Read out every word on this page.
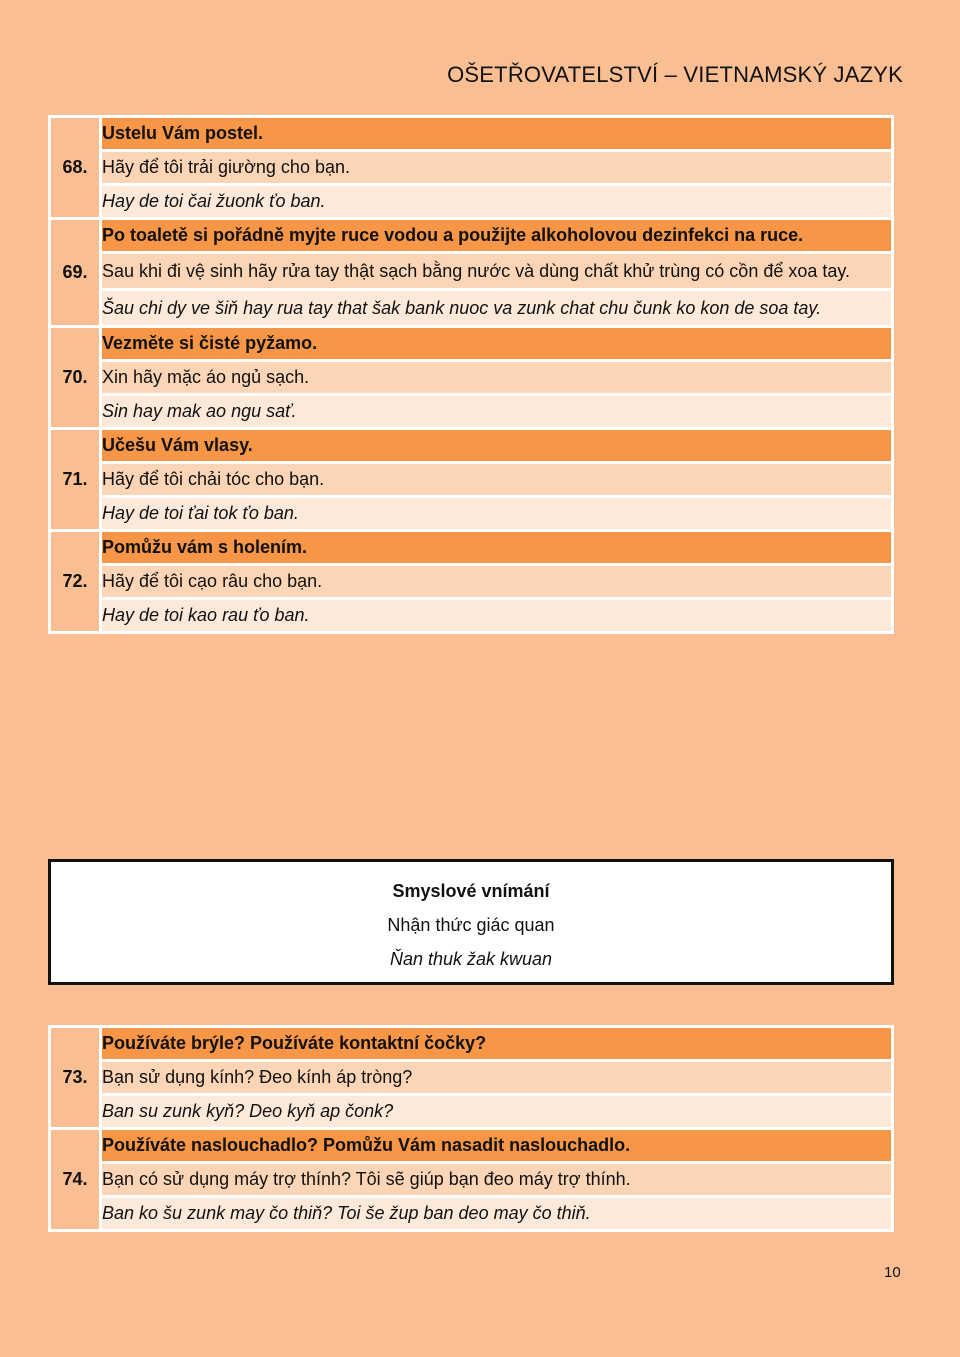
OŠETŘOVATELSTVÍ – VIETNAMSKÝ JAZYK
68.	Ustelu Vám postel.
	Hãy để tôi trải giường cho bạn.
	Hay de toi čai žuonk ťo ban.
69.	Po toaletě si pořádně myjte ruce vodou a použijte alkoholovou dezinfekci na ruce.
	Sau khi đi vệ sinh hãy rửa tay thật sạch bằng nước và dùng chất khử trùng có cồn để xoa tay.
	Šau chi dy ve šiň hay rua tay that šak bank nuoc va zunk chat chu čunk ko kon de soa tay.
70.	Vezměte si čisté pyžamo.
	Xin hãy mặc áo ngủ sạch.
	Sin hay mak ao ngu sať.
71.	Učešu Vám vlasy.
	Hãy để tôi chải tóc cho bạn.
	Hay de toi ťai tok ťo ban.
72.	Pomůžu vám s holením.
	Hãy để tôi cạo râu cho bạn.
	Hay de toi kao rau ťo ban.
Smyslové vnímání
Nhận thức giác quan
Ňan thuk žak kwuan
73.	Používáte brýle? Používáte kontaktní čočky?
	Bạn sử dụng kính? Đeo kính áp tròng?
	Ban su zunk kyň? Deo kyň ap čonk?
74.	Používáte naslouchadlo? Pomůžu Vám nasadit naslouchadlo.
	Bạn có sử dụng máy trợ thính? Tôi sẽ giúp bạn đeo máy trợ thính.
	Ban ko šu zunk may čo thiň? Toi še žup ban deo may čo thiň.
10
